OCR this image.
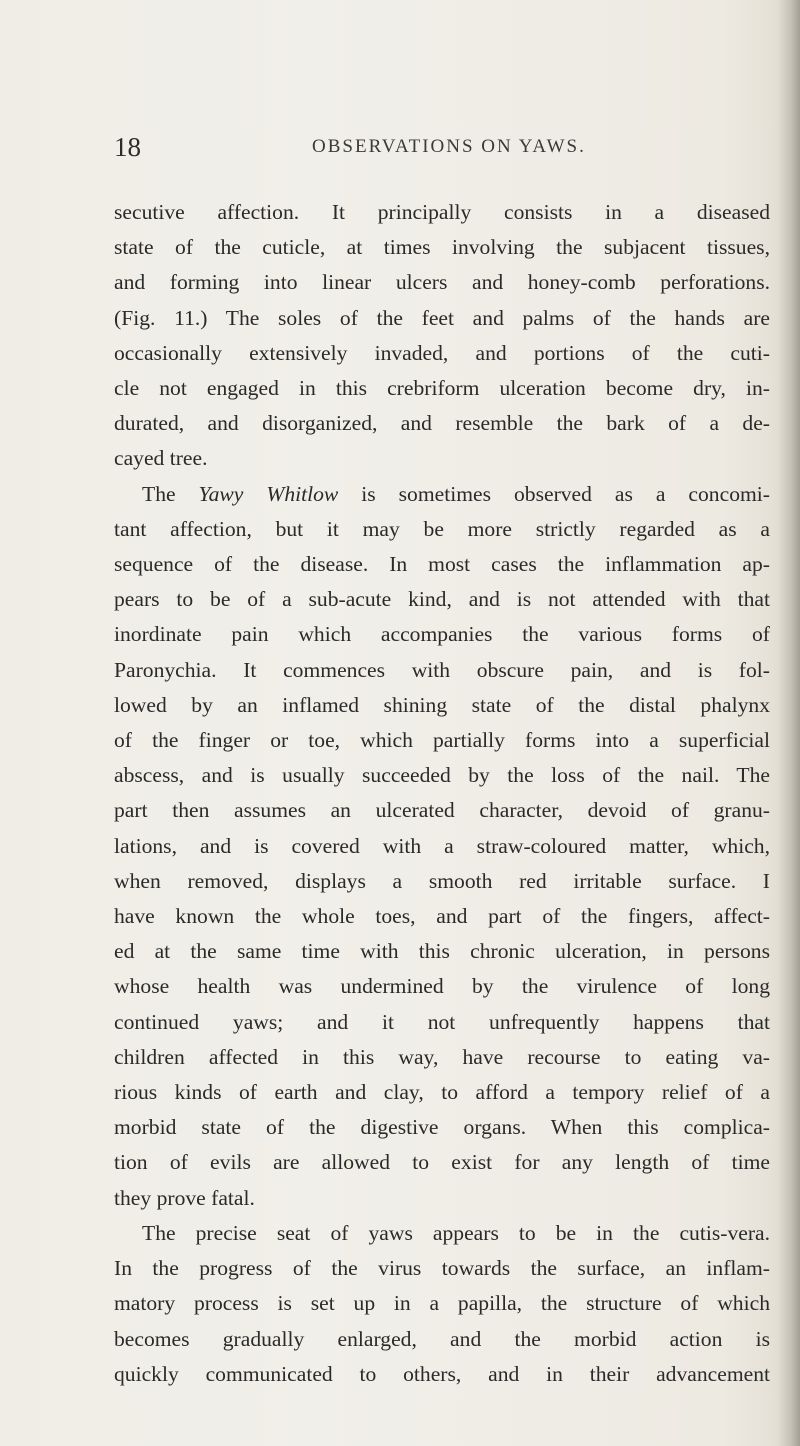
18	OBSERVATIONS ON YAWS.
secutive affection. It principally consists in a diseased
state of the cuticle, at times involving the subjacent tissues,
and forming into linear ulcers and honey-comb perforations.
(Fig. 11.) The soles of the feet and palms of the hands are
occasionally extensively invaded, and portions of the cuti-
cle not engaged in this crebriform ulceration become dry, in-
durated, and disorganized, and resemble the bark of a de-
cayed tree.
The Yawy Whitlow is sometimes observed as a concomi-
tant affection, but it may be more strictly regarded as a
sequence of the disease. In most cases the inflammation ap-
pears to be of a sub-acute kind, and is not attended with that
inordinate pain which accompanies the various forms of
Paronychia. It commences with obscure pain, and is fol-
lowed by an inflamed shining state of the distal phalynx
of the finger or toe, which partially forms into a superficial
abscess, and is usually succeeded by the loss of the nail. The
part then assumes an ulcerated character, devoid of granu-
lations, and is covered with a straw-coloured matter, which,
when removed, displays a smooth red irritable surface. I
have known the whole toes, and part of the fingers, affect-
ed at the same time with this chronic ulceration, in persons
whose health was undermined by the virulence of long
continued yaws; and it not unfrequently happens that
children affected in this way, have recourse to eating va-
rious kinds of earth and clay, to afford a tempory relief of a
morbid state of the digestive organs. When this complica-
tion of evils are allowed to exist for any length of time
they prove fatal.
The precise seat of yaws appears to be in the cutis-vera.
In the progress of the virus towards the surface, an inflam-
matory process is set up in a papilla, the structure of which
becomes gradually enlarged, and the morbid action is
quickly communicated to others, and in their advancement
